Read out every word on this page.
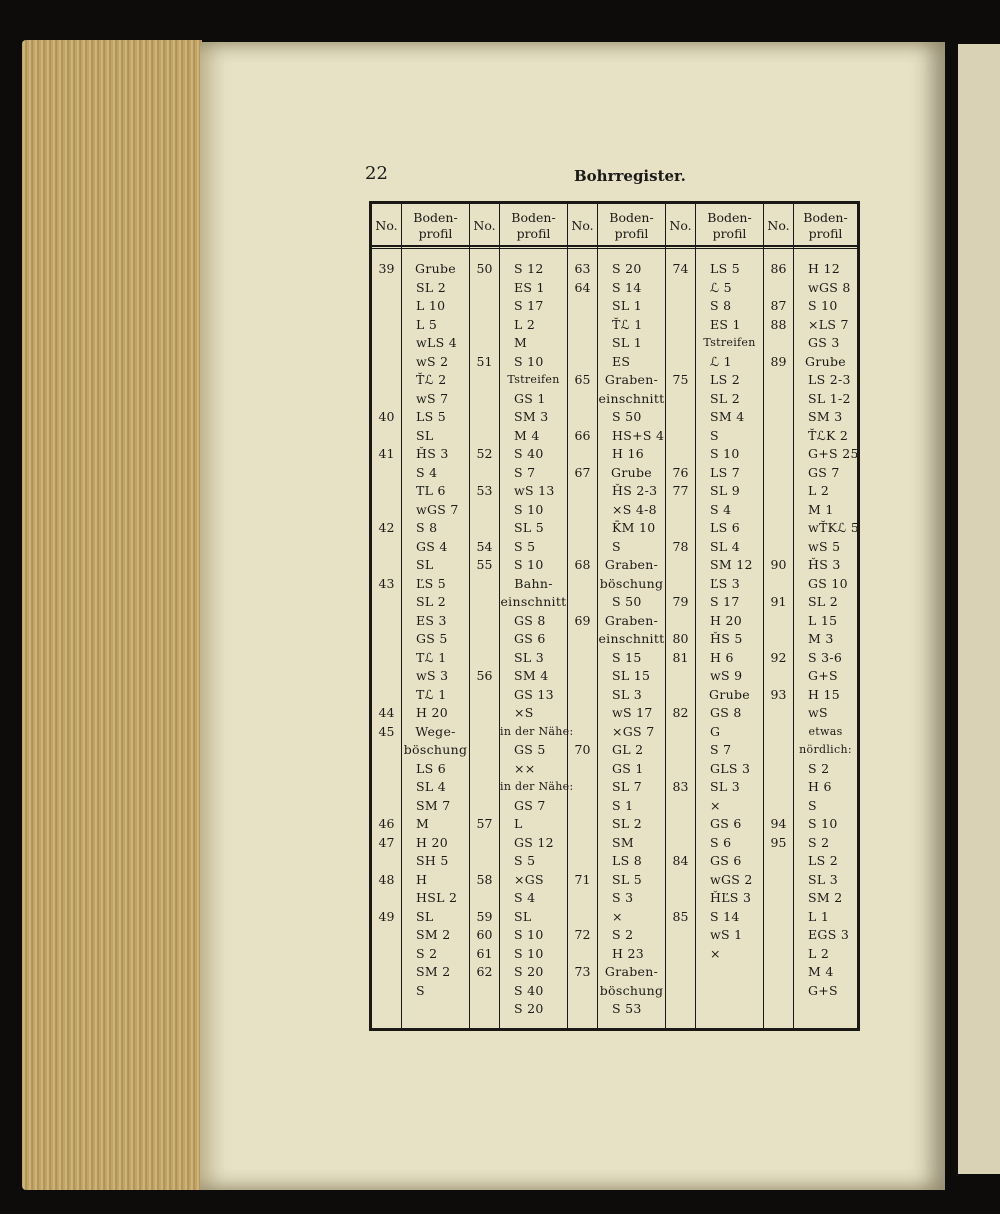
22	Bohrregister.
No.
39
40
41
42
43
44
45
46
47
48
49
Boden-
profil
Grube
SL 2
L 10
L 5
wLS 4
wS 2
T̆ℒ 2
wS 7
LS 5
SL
ȞS 3
S 4
TL 6
wGS 7
S 8
GS 4
SL
ĽS 5
SL 2
ES 3
GS 5
Tℒ 1
wS 3
Tℒ 1
H 20
Wege-
böschung
LS 6
SL 4
SM 7
M
H 20
SH 5
H
HSL 2
SL
SM 2
S 2
SM 2
S
No.
50
51
52
53
54
55
56
57
58
59
60
61
62
Boden-
profil
S 12
ES 1
S 17
L 2
M
S 10
Tstreifen
GS 1
SM 3
M 4
S 40
S 7
wS 13
S 10
SL 5
S 5
S 10
Bahn-
einschnitt
GS 8
GS 6
SL 3
SM 4
GS 13
×S
in der Nähe:
GS 5
××
in der Nähe:
GS 7
L
GS 12
S 5
×GS
S 4
SL
S 10
S 10
S 20
S 40
S 20
No.
63
64
65
66
67
68
69
70
71
72
73
Boden-
profil
S 20
S 14
SL 1
T̆ℒ 1
SL 1
ES
Graben-
einschnitt
S 50
HS+S 4
H 16
Grube
ȞS 2-3
×S 4-8
K̄M 10
S
Graben-
böschung
S 50
Graben-
einschnitt
S 15
SL 15
SL 3
wS 17
×GS 7
GL 2
GS 1
SL 7
S 1
SL 2
SM
LS 8
SL 5
S 3
×
S 2
H 23
Graben-
böschung
S 53
No.
74
75
76
77
78
79
80
81
82
83
84
85
Boden-
profil
LS 5
ℒ 5
S 8
ES 1
Tstreifen
ℒ 1
LS 2
SL 2
SM 4
S
S 10
LS 7
SL 9
S 4
LS 6
SL 4
SM 12
ĽS 3
S 17
H 20
ȞS 5
H 6
wS 9
Grube
GS 8
G
S 7
GLS 3
SL 3
×
GS 6
S 6
GS 6
wGS 2
ȞĽS 3
S 14
wS 1
×
No.
86
87
88
89
90
91
92
93
94
95
Boden-
profil
H 12
wGS 8
S 10
×LS 7
GS 3
Grube
LS 2-3
SL 1-2
SM 3
T̆ℒK 2
G+S 25
GS 7
L 2
M 1
wT̆Kℒ 5
wS 5
ȞS 3
GS 10
SL 2
L 15
M 3
S 3-6
G+S
H 15
wS
etwas
nördlich:
S 2
H 6
S
S 10
S 2
LS 2
SL 3
SM 2
L 1
EGS 3
L 2
M 4
G+S
